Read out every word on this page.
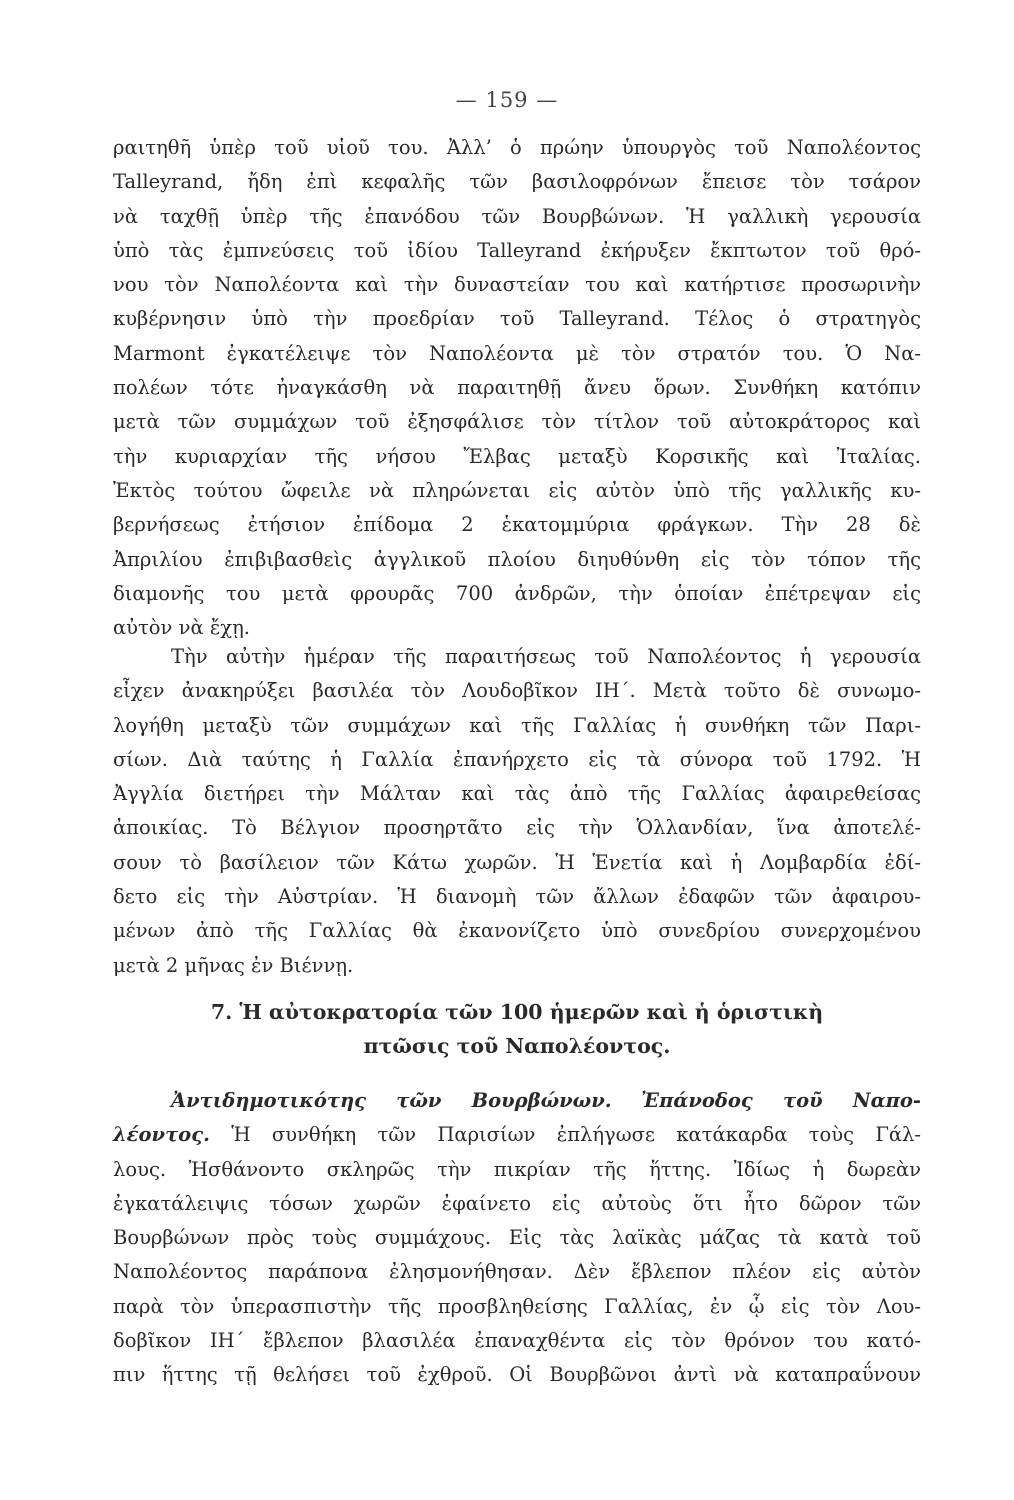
— 159 —
ραιτηθῆ ὑπὲρ τοῦ υἱοῦ του. Ἀλλ’ ὁ πρώην ὑπουργὸς τοῦ Ναπολέοντος
Talleyrand, ἤδη ἐπὶ κεφαλῆς τῶν βασιλοφρόνων ἔπεισε τὸν τσάρον
νὰ ταχθῇ ὑπὲρ τῆς ἐπανόδου τῶν Βουρβώνων. Ἡ γαλλικὴ γερουσία
ὑπὸ τὰς ἐμπνεύσεις τοῦ ἰδίου Talleyrand ἐκήρυξεν ἔκπτωτον τοῦ θρό-
νου τὸν Ναπολέοντα καὶ τὴν δυναστείαν του καὶ κατήρτισε προσωρινὴν
κυβέρνησιν ὑπὸ τὴν προεδρίαν τοῦ Talleyrand. Τέλος ὁ στρατηγὸς
Marmont ἐγκατέλειψε τὸν Ναπολέοντα μὲ τὸν στρατόν του. Ὁ Να-
πολέων τότε ἠναγκάσθη νὰ παραιτηθῇ ἄνευ ὅρων. Συνθήκη κατόπιν
μετὰ τῶν συμμάχων τοῦ ἐξησφάλισε τὸν τίτλον τοῦ αὐτοκράτορος καὶ
τὴν κυριαρχίαν τῆς νήσου Ἔλβας μεταξὺ Κορσικῆς καὶ Ἰταλίας.
Ἐκτὸς τούτου ὤφειλε νὰ πληρώνεται εἰς αὐτὸν ὑπὸ τῆς γαλλικῆς κυ-
βερνήσεως ἐτήσιον ἐπίδομα 2 ἑκατομμύρια φράγκων. Τὴν 28 δὲ
Ἀπριλίου ἐπιβιβασθεὶς ἀγγλικοῦ πλοίου διηυθύνθη εἰς τὸν τόπον τῆς
διαμονῆς του μετὰ φρουρᾶς 700 ἀνδρῶν, τὴν ὁποίαν ἐπέτρεψαν εἰς
αὐτὸν νὰ ἔχῃ.
Τὴν αὐτὴν ἡμέραν τῆς παραιτήσεως τοῦ Ναπολέοντος ἡ γερουσία
εἶχεν ἀνακηρύξει βασιλέα τὸν Λουδοβῖκον ΙΗ΄. Μετὰ τοῦτο δὲ συνωμο-
λογήθη μεταξὺ τῶν συμμάχων καὶ τῆς Γαλλίας ἡ συνθήκη τῶν Παρι-
σίων. Διὰ ταύτης ἡ Γαλλία ἐπανήρχετο εἰς τὰ σύνορα τοῦ 1792. Ἡ
Ἀγγλία διετήρει τὴν Μάλταν καὶ τὰς ἀπὸ τῆς Γαλλίας ἀφαιρεθείσας
ἀποικίας. Τὸ Βέλγιον προσηρτᾶτο εἰς τὴν Ὁλλανδίαν, ἵνα ἀποτελέ-
σουν τὸ βασίλειον τῶν Κάτω χωρῶν. Ἡ Ἑνετία καὶ ἡ Λομβαρδία ἐδί-
δετο εἰς τὴν Αὐστρίαν. Ἡ διανομὴ τῶν ἄλλων ἐδαφῶν τῶν ἀφαιρου-
μένων ἀπὸ τῆς Γαλλίας θὰ ἐκανονίζετο ὑπὸ συνεδρίου συνερχομένου
μετὰ 2 μῆνας ἐν Βιέννῃ.
7. Ἡ αὐτοκρατορία τῶν 100 ἡμερῶν καὶ ἡ ὁριστικὴ
πτῶσις τοῦ Ναπολέοντος.
Ἀντιδημοτικότης τῶν Βουρβώνων. Ἐπάνοδος τοῦ Ναπο-
λέοντος. Ἡ συνθήκη τῶν Παρισίων ἐπλήγωσε κατάκαρδα τοὺς Γάλ-
λους. Ἠσθάνοντο σκληρῶς τὴν πικρίαν τῆς ἥττης. Ἰδίως ἡ δωρεὰν
ἐγκατάλειψις τόσων χωρῶν ἐφαίνετο εἰς αὐτοὺς ὅτι ἦτο δῶρον τῶν
Βουρβώνων πρὸς τοὺς συμμάχους. Εἰς τὰς λαϊκὰς μάζας τὰ κατὰ τοῦ
Ναπολέοντος παράπονα ἐλησμονήθησαν. Δὲν ἔβλεπον πλέον εἰς αὐτὸν
παρὰ τὸν ὑπερασπιστὴν τῆς προσβληθείσης Γαλλίας, ἐν ᾧ εἰς τὸν Λου-
δοβῖκον ΙΗ΄ ἔβλεπον βλασιλέα ἐπαναχθέντα εἰς τὸν θρόνον του κατό-
πιν ἥττης τῇ θελήσει τοῦ ἐχθροῦ. Οἱ Βουρβῶνοι ἀντὶ νὰ καταπραΰνουν
